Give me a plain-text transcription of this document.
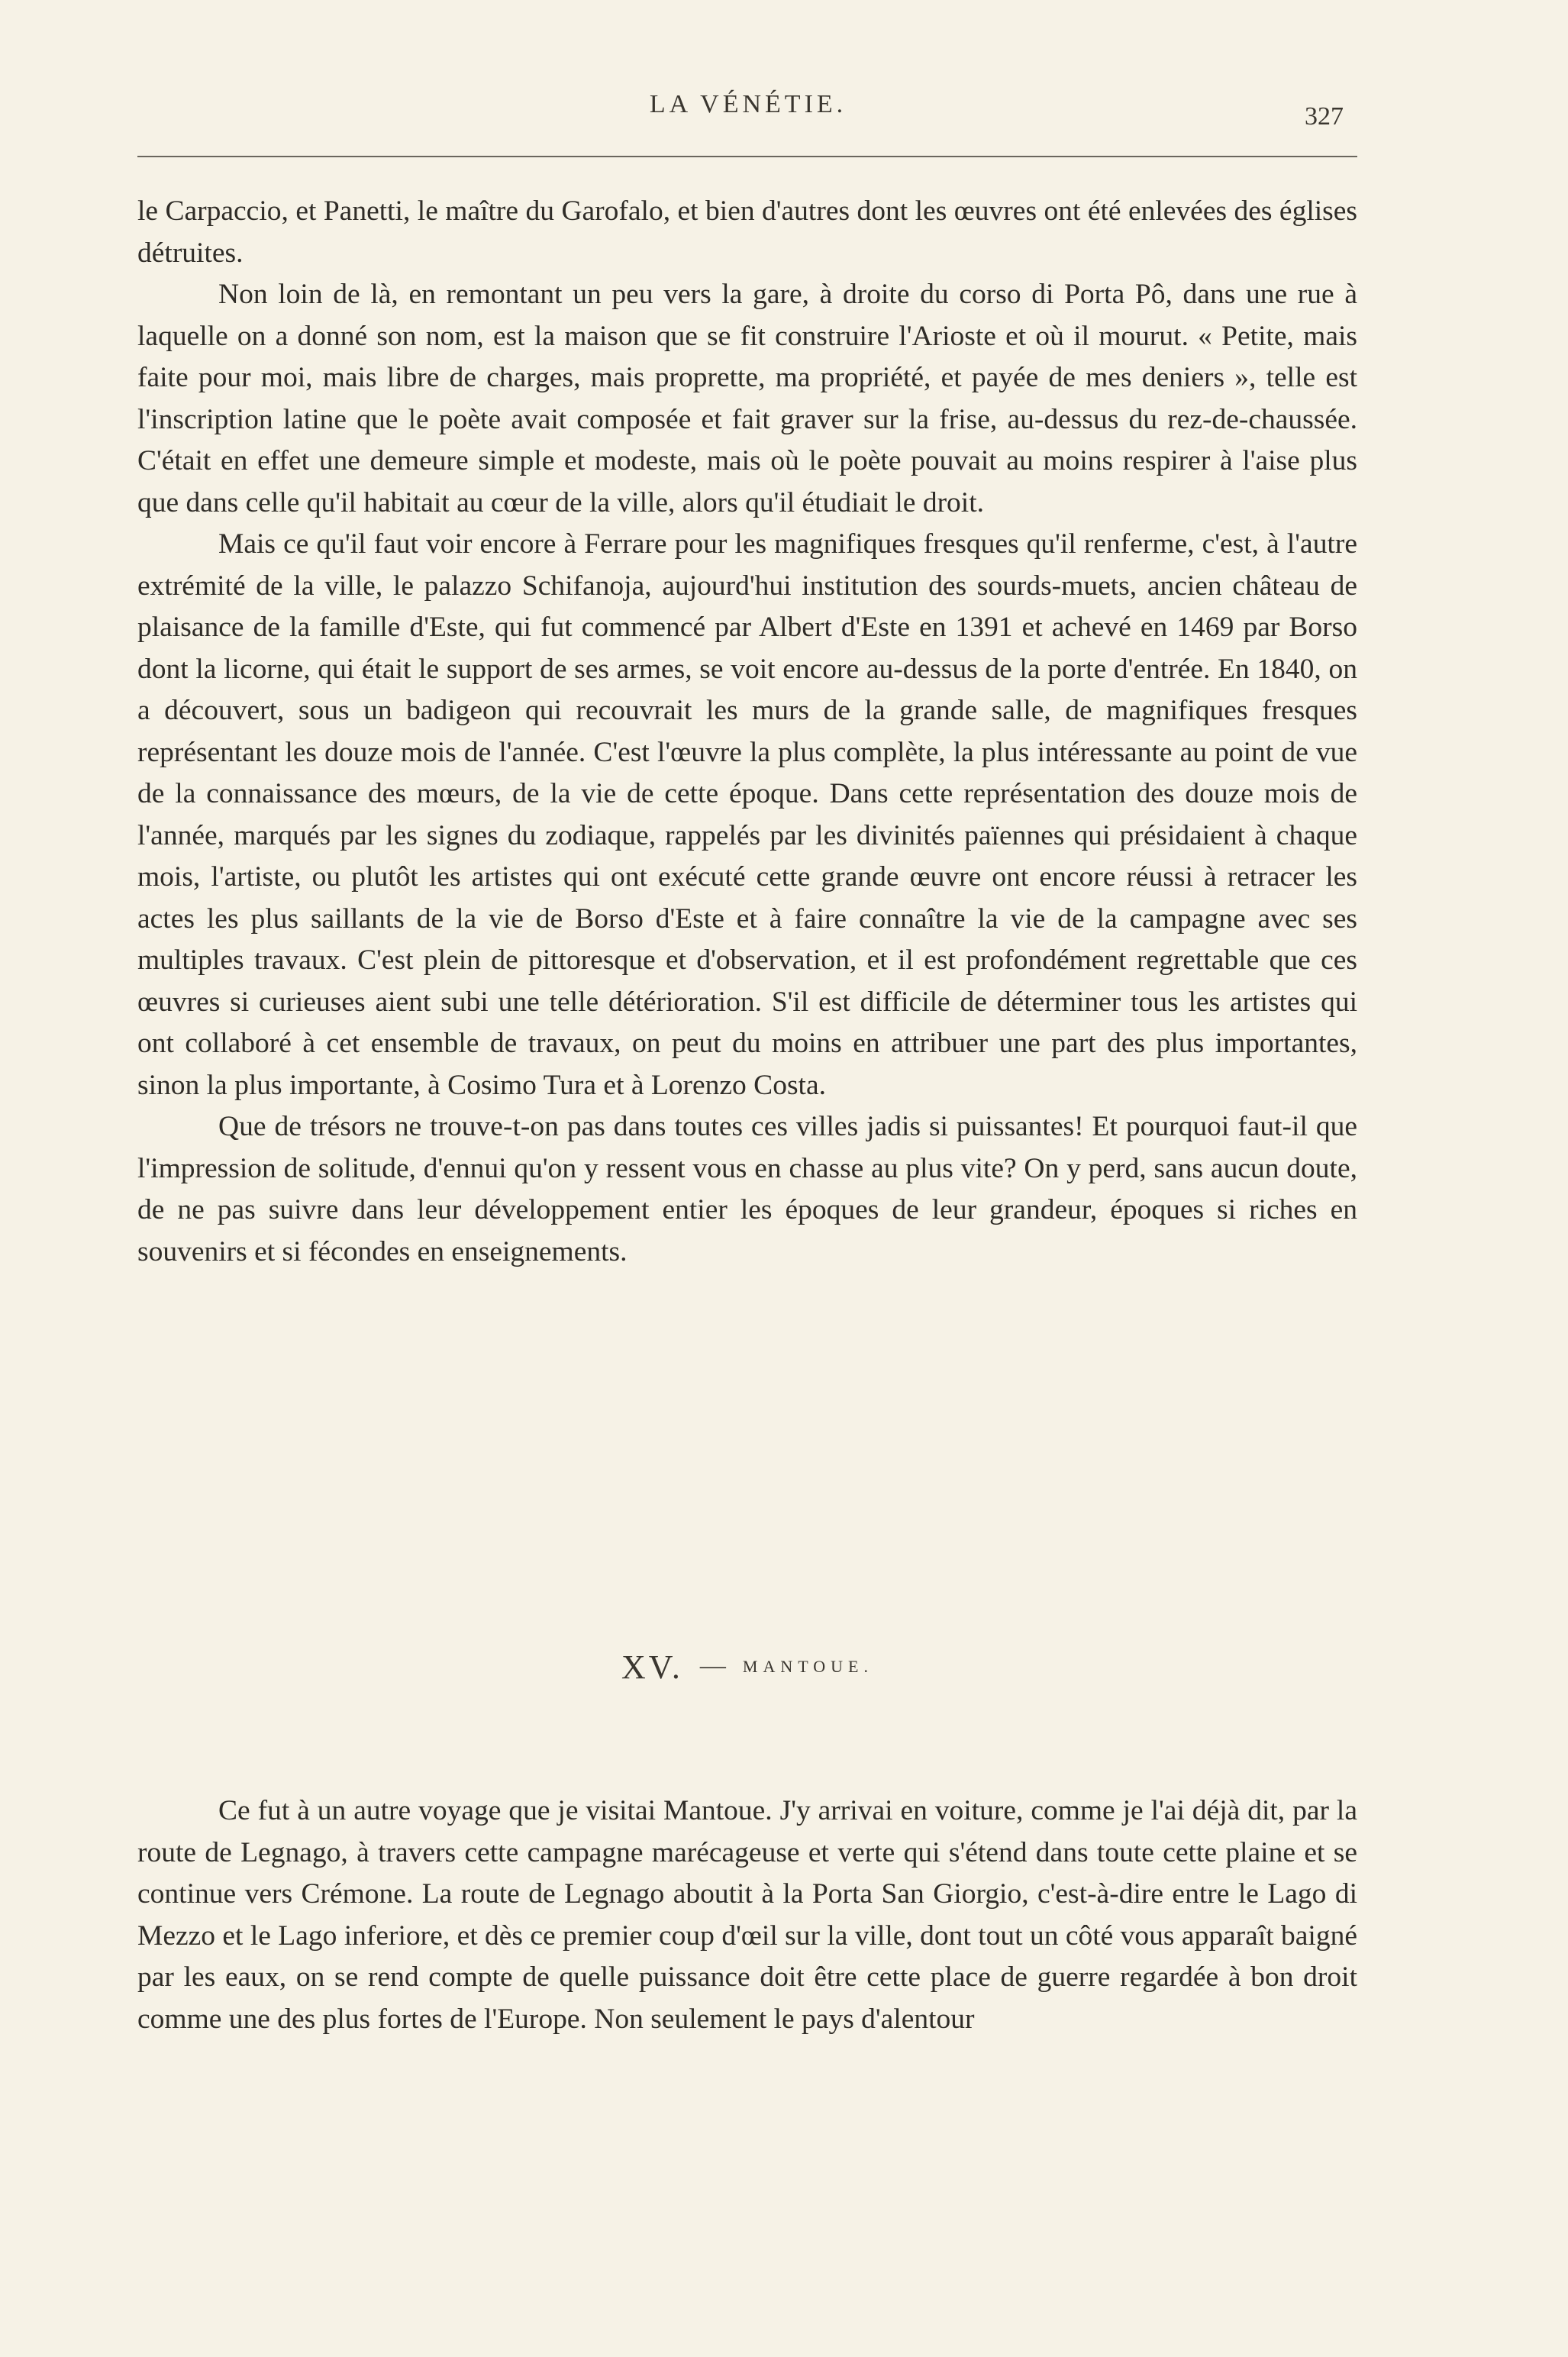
LA VÉNÉTIE.	327

le Carpaccio, et Panetti, le maître du Garofalo, et bien d'autres dont les œuvres ont été enlevées des églises détruites.

Non loin de là, en remontant un peu vers la gare, à droite du corso di Porta Pô, dans une rue à laquelle on a donné son nom, est la maison que se fit construire l'Arioste et où il mourut. « Petite, mais faite pour moi, mais libre de charges, mais proprette, ma propriété, et payée de mes deniers », telle est l'inscription latine que le poète avait composée et fait graver sur la frise, au-dessus du rez-de-chaussée. C'était en effet une demeure simple et modeste, mais où le poète pouvait au moins respirer à l'aise plus que dans celle qu'il habitait au cœur de la ville, alors qu'il étudiait le droit.

Mais ce qu'il faut voir encore à Ferrare pour les magnifiques fresques qu'il renferme, c'est, à l'autre extrémité de la ville, le palazzo Schifanoja, aujourd'hui institution des sourds-muets, ancien château de plaisance de la famille d'Este, qui fut commencé par Albert d'Este en 1391 et achevé en 1469 par Borso dont la licorne, qui était le support de ses armes, se voit encore au-dessus de la porte d'entrée. En 1840, on a découvert, sous un badigeon qui recouvrait les murs de la grande salle, de magnifiques fresques représentant les douze mois de l'année. C'est l'œuvre la plus complète, la plus intéressante au point de vue de la connaissance des mœurs, de la vie de cette époque. Dans cette représentation des douze mois de l'année, marqués par les signes du zodiaque, rappelés par les divinités païennes qui présidaient à chaque mois, l'artiste, ou plutôt les artistes qui ont exécuté cette grande œuvre ont encore réussi à retracer les actes les plus saillants de la vie de Borso d'Este et à faire connaître la vie de la campagne avec ses multiples travaux. C'est plein de pittoresque et d'observation, et il est profondément regrettable que ces œuvres si curieuses aient subi une telle détérioration. S'il est difficile de déterminer tous les artistes qui ont collaboré à cet ensemble de travaux, on peut du moins en attribuer une part des plus importantes, sinon la plus importante, à Cosimo Tura et à Lorenzo Costa.

Que de trésors ne trouve-t-on pas dans toutes ces villes jadis si puissantes! Et pourquoi faut-il que l'impression de solitude, d'ennui qu'on y ressent vous en chasse au plus vite? On y perd, sans aucun doute, de ne pas suivre dans leur développement entier les époques de leur grandeur, époques si riches en souvenirs et si fécondes en enseignements.

XV. — MANTOUE.

Ce fut à un autre voyage que je visitai Mantoue. J'y arrivai en voiture, comme je l'ai déjà dit, par la route de Legnago, à travers cette campagne marécageuse et verte qui s'étend dans toute cette plaine et se continue vers Crémone. La route de Legnago aboutit à la Porta San Giorgio, c'est-à-dire entre le Lago di Mezzo et le Lago inferiore, et dès ce premier coup d'œil sur la ville, dont tout un côté vous apparaît baigné par les eaux, on se rend compte de quelle puissance doit être cette place de guerre regardée à bon droit comme une des plus fortes de l'Europe. Non seulement le pays d'alentour
